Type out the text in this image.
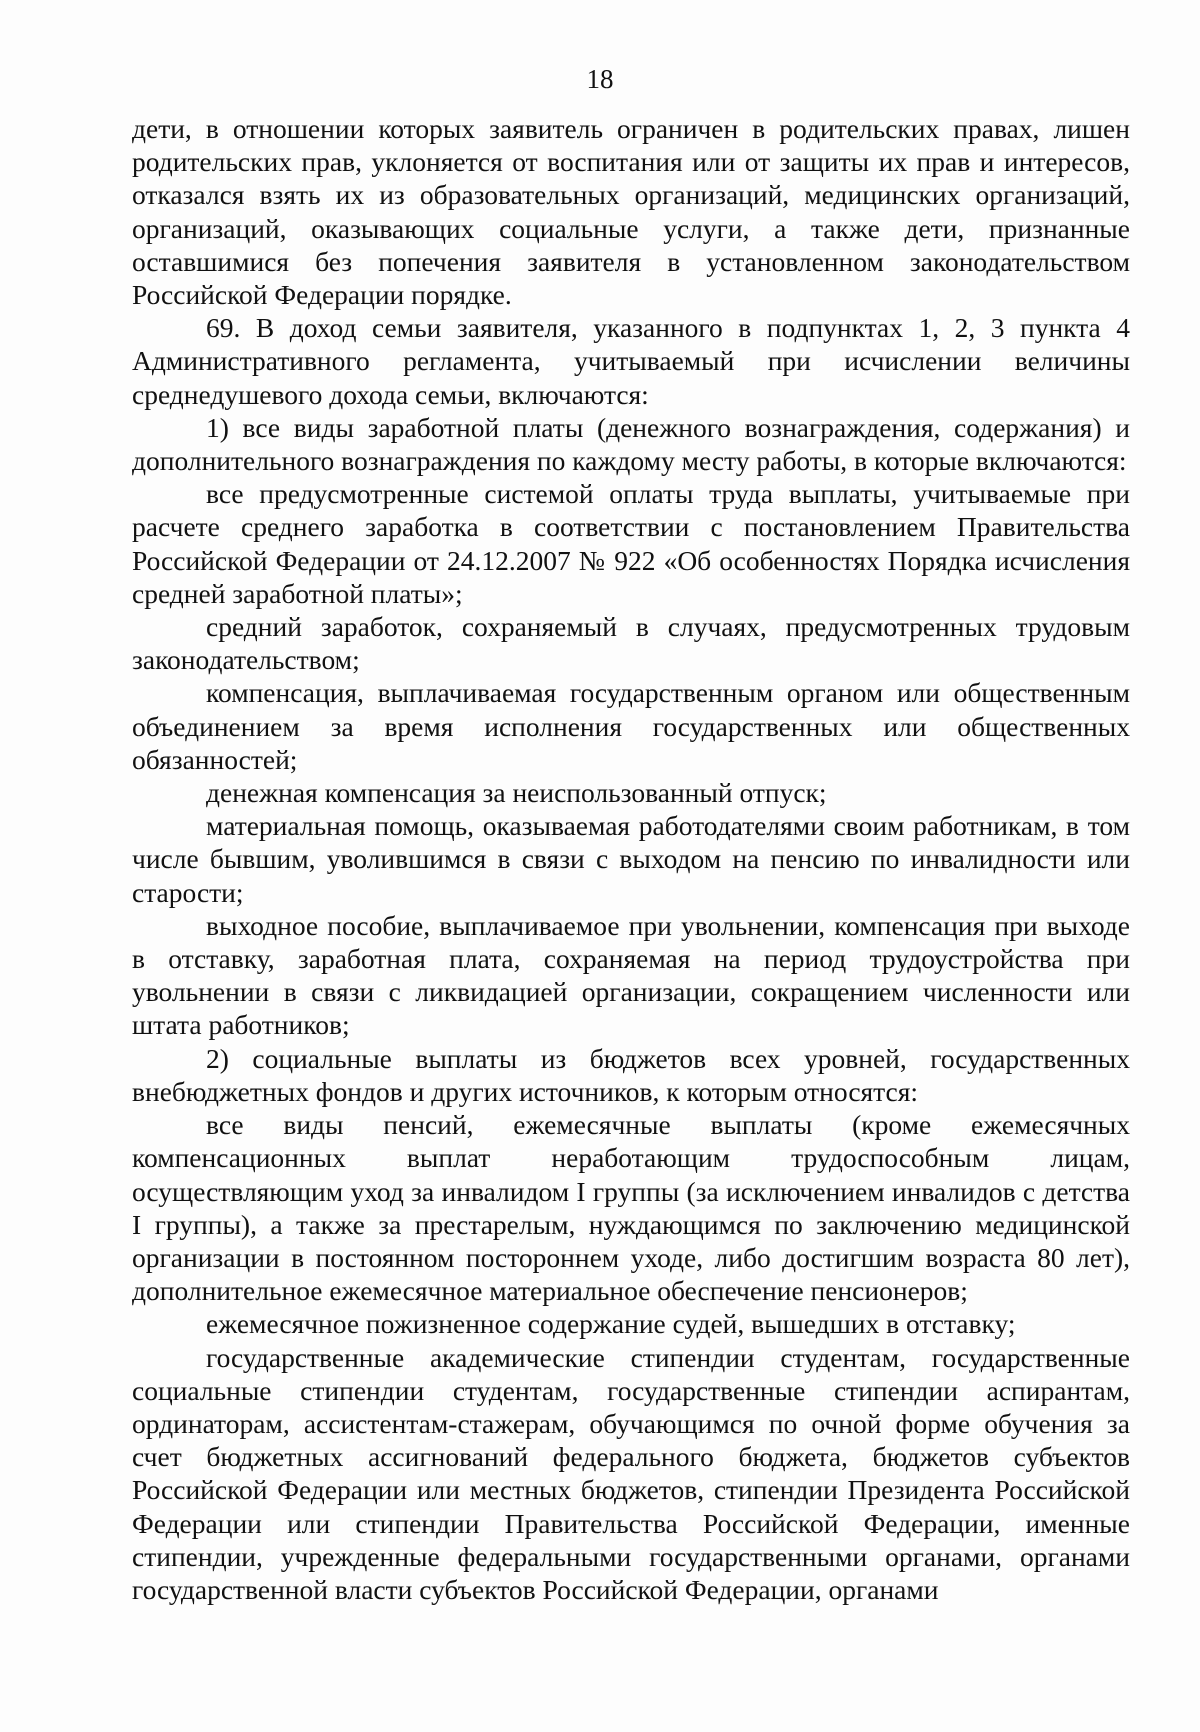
18

дети, в отношении которых заявитель ограничен в родительских правах, лишен родительских прав, уклоняется от воспитания или от защиты их прав и интересов, отказался взять их из образовательных организаций, медицинских организаций, организаций, оказывающих социальные услуги, а также дети, признанные оставшимися без попечения заявителя в установленном законодательством Российской Федерации порядке.

69. В доход семьи заявителя, указанного в подпунктах 1, 2, 3 пункта 4 Административного регламента, учитываемый при исчислении величины среднедушевого дохода семьи, включаются:

1) все виды заработной платы (денежного вознаграждения, содержания) и дополнительного вознаграждения по каждому месту работы, в которые включаются:

все предусмотренные системой оплаты труда выплаты, учитываемые при расчете среднего заработка в соответствии с постановлением Правительства Российской Федерации от 24.12.2007 № 922 «Об особенностях Порядка исчисления средней заработной платы»;

средний заработок, сохраняемый в случаях, предусмотренных трудовым законодательством;

компенсация, выплачиваемая государственным органом или общественным объединением за время исполнения государственных или общественных обязанностей;

денежная компенсация за неиспользованный отпуск;

материальная помощь, оказываемая работодателями своим работникам, в том числе бывшим, уволившимся в связи с выходом на пенсию по инвалидности или старости;

выходное пособие, выплачиваемое при увольнении, компенсация при выходе в отставку, заработная плата, сохраняемая на период трудоустройства при увольнении в связи с ликвидацией организации, сокращением численности или штата работников;

2) социальные выплаты из бюджетов всех уровней, государственных внебюджетных фондов и других источников, к которым относятся:

все виды пенсий, ежемесячные выплаты (кроме ежемесячных компенсационных выплат неработающим трудоспособным лицам, осуществляющим уход за инвалидом I группы (за исключением инвалидов с детства I группы), а также за престарелым, нуждающимся по заключению медицинской организации в постоянном постороннем уходе, либо достигшим возраста 80 лет), дополнительное ежемесячное материальное обеспечение пенсионеров;

ежемесячное пожизненное содержание судей, вышедших в отставку;

государственные академические стипендии студентам, государственные социальные стипендии студентам, государственные стипендии аспирантам, ординаторам, ассистентам-стажерам, обучающимся по очной форме обучения за счет бюджетных ассигнований федерального бюджета, бюджетов субъектов Российской Федерации или местных бюджетов, стипендии Президента Российской Федерации или стипендии Правительства Российской Федерации, именные стипендии, учрежденные федеральными государственными органами, органами государственной власти субъектов Российской Федерации, органами
